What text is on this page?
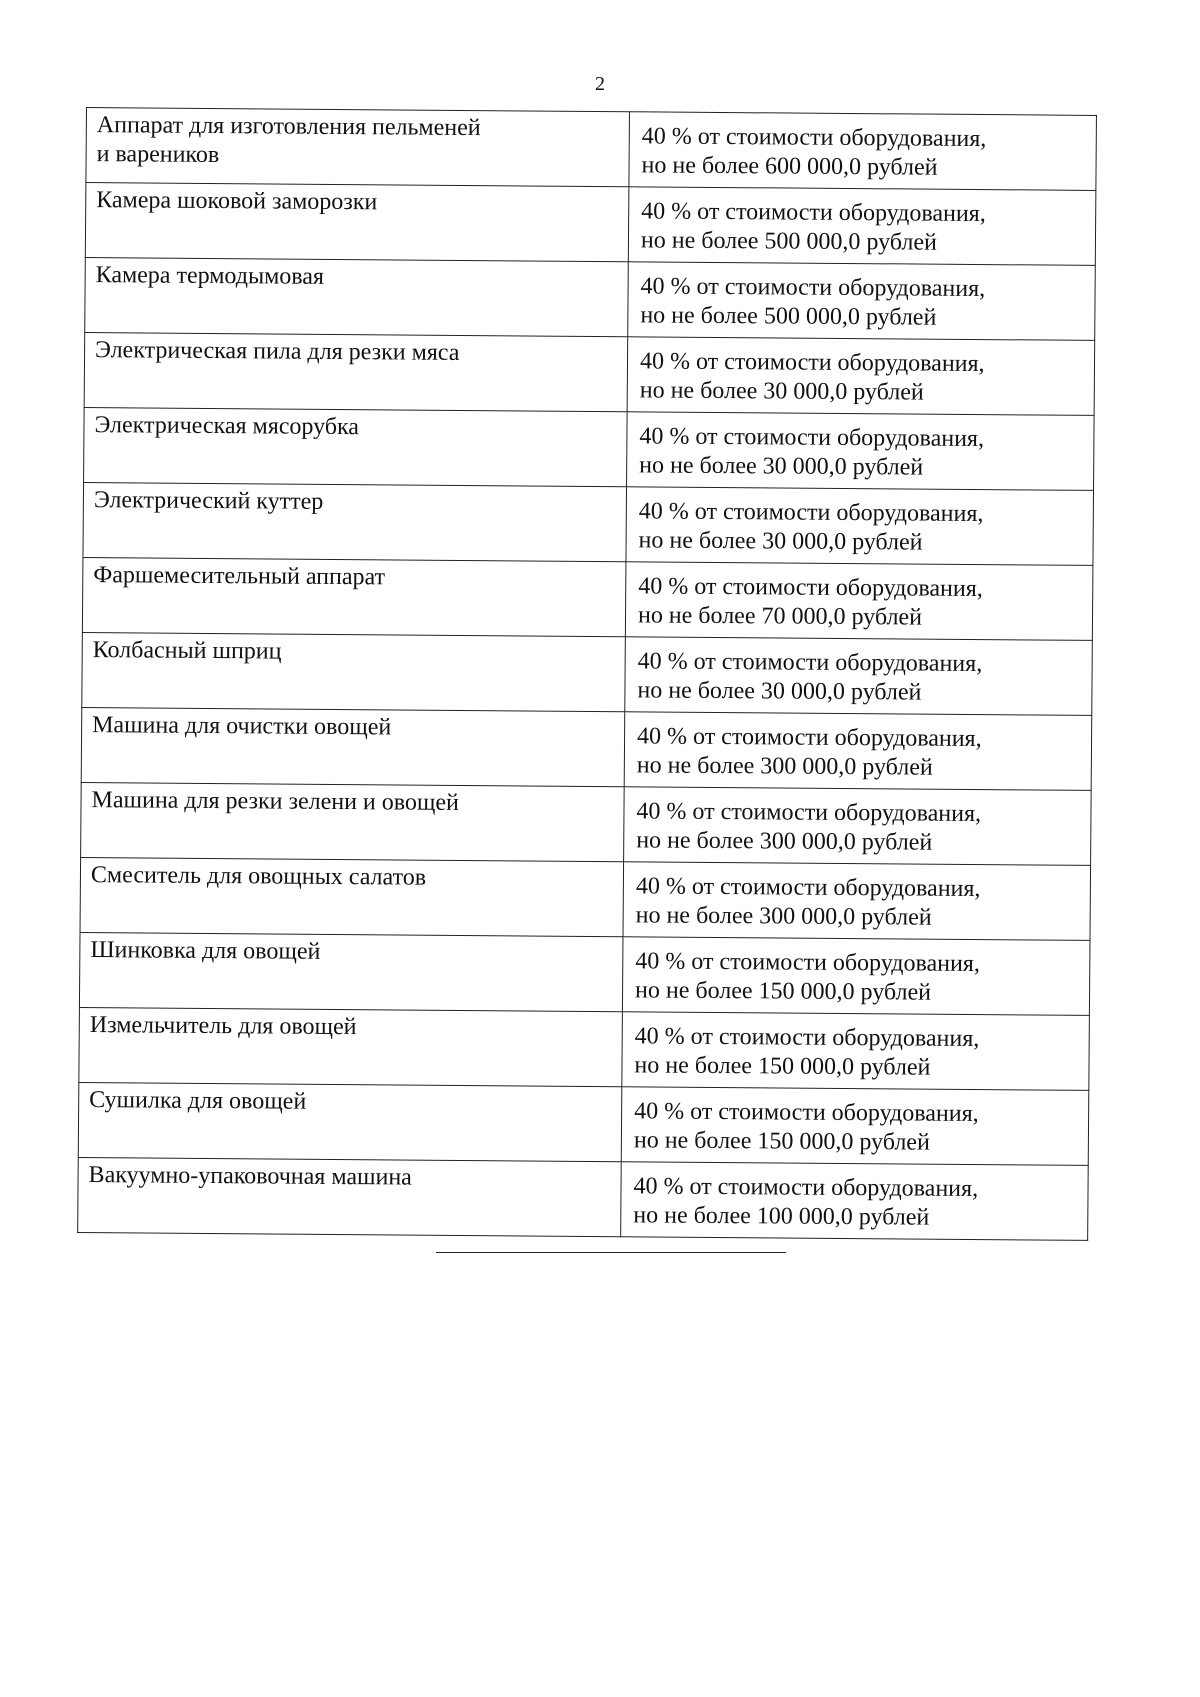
2
Аппарат для изготовления пельменей
и вареников	40 % от стоимости оборудования,
но не более 600 000,0 рублей

Камера шоковой заморозки	40 % от стоимости оборудования,
но не более 500 000,0 рублей

Камера термодымовая	40 % от стоимости оборудования,
но не более 500 000,0 рублей

Электрическая пила для резки мяса	40 % от стоимости оборудования,
но не более 30 000,0 рублей

Электрическая мясорубка	40 % от стоимости оборудования,
но не более 30 000,0 рублей

Электрический куттер	40 % от стоимости оборудования,
но не более 30 000,0 рублей

Фаршемесительный аппарат	40 % от стоимости оборудования,
но не более 70 000,0 рублей

Колбасный шприц	40 % от стоимости оборудования,
но не более 30 000,0 рублей

Машина для очистки овощей	40 % от стоимости оборудования,
но не более 300 000,0 рублей

Машина для резки зелени и овощей	40 % от стоимости оборудования,
но не более 300 000,0 рублей

Смеситель для овощных салатов	40 % от стоимости оборудования,
но не более 300 000,0 рублей

Шинковка для овощей	40 % от стоимости оборудования,
но не более 150 000,0 рублей

Измельчитель для овощей	40 % от стоимости оборудования,
но не более 150 000,0 рублей

Сушилка для овощей	40 % от стоимости оборудования,
но не более 150 000,0 рублей

Вакуумно-упаковочная машина	40 % от стоимости оборудования,
но не более 100 000,0 рублей
